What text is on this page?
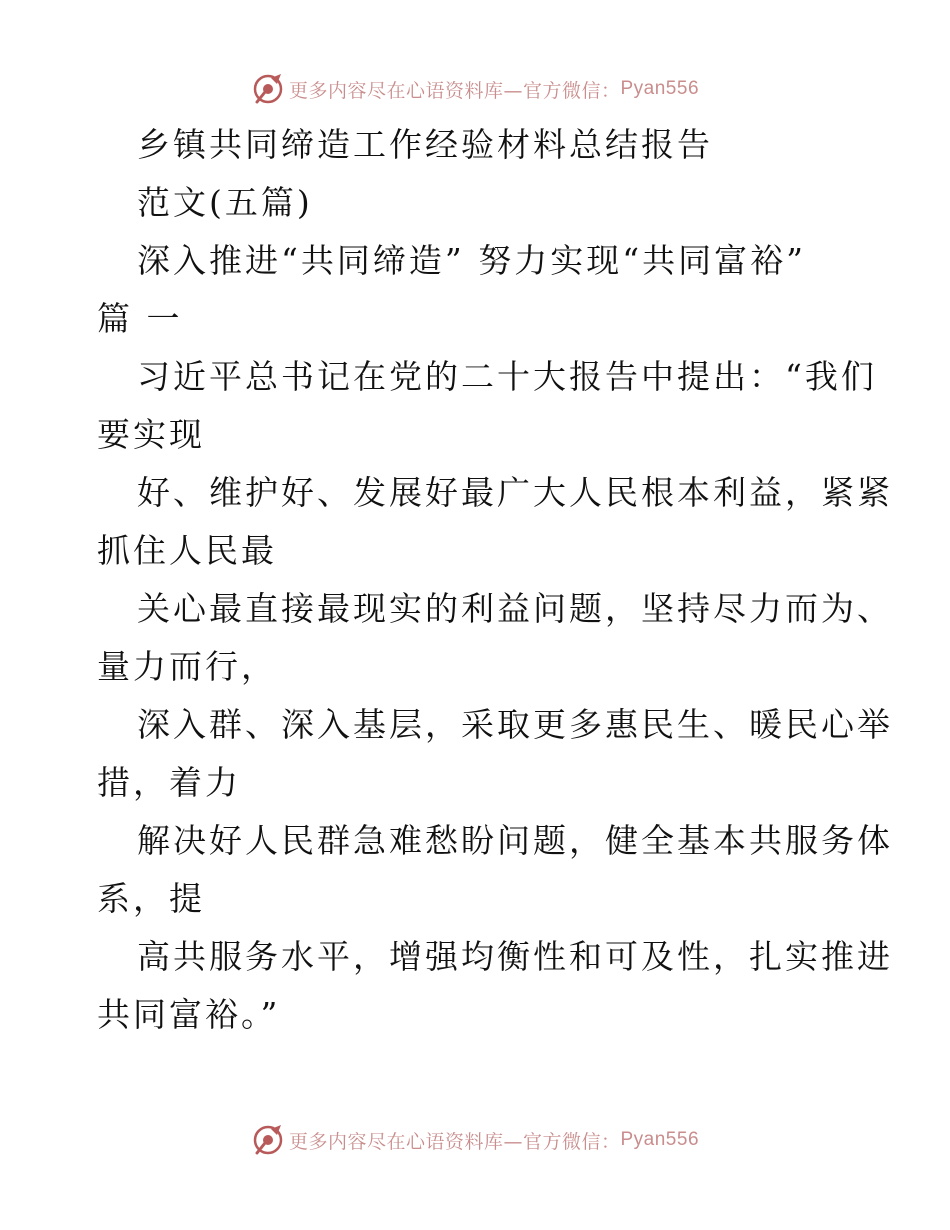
更多内容尽在心语资料库—官方微信： Pyan556
乡镇共同缔造工作经验材料总结报告
范文(五篇)
深入推进“共同缔造” 努力实现“共同富裕”
篇 一
习近平总书记在党的二十大报告中提出：“我们
要实现
好、维护好、发展好最广大人民根本利益，紧紧
抓住人民最
关心最直接最现实的利益问题，坚持尽力而为、
量力而行，
深入群、深入基层，采取更多惠民生、暖民心举
措，着力
解决好人民群急难愁盼问题，健全基本共服务体
系，提
高共服务水平，增强均衡性和可及性，扎实推进
共同富裕。”
更多内容尽在心语资料库—官方微信： Pyan556
